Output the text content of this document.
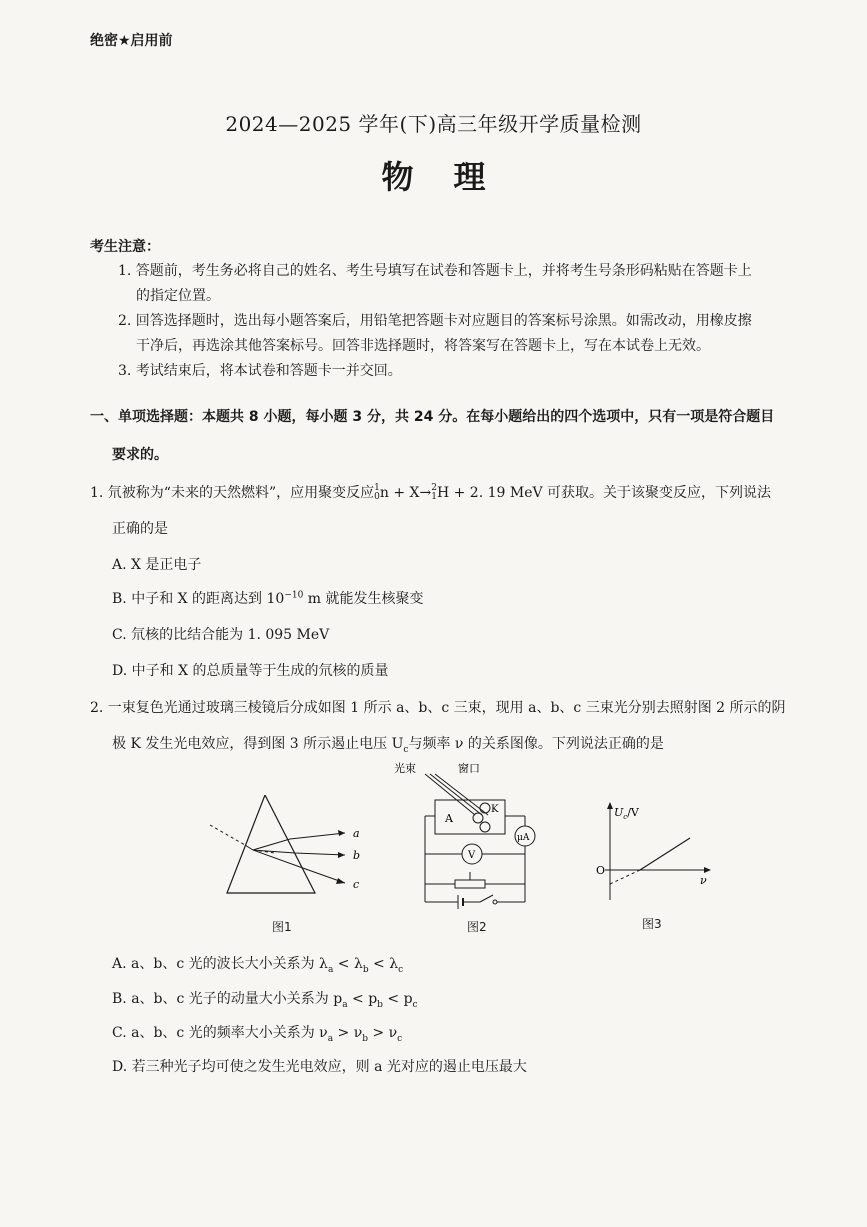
绝密★启用前
2024—2025 学年(下)高三年级开学质量检测
物理
考生注意：
1. 答题前，考生务必将自己的姓名、考生号填写在试卷和答题卡上，并将考生号条形码粘贴在答题卡上
的指定位置。
2. 回答选择题时，选出每小题答案后，用铅笔把答题卡对应题目的答案标号涂黑。如需改动，用橡皮擦
干净后，再选涂其他答案标号。回答非选择题时，将答案写在答题卡上，写在本试卷上无效。
3. 考试结束后，将本试卷和答题卡一并交回。
一、单项选择题：本题共 8 小题，每小题 3 分，共 24 分。在每小题给出的四个选项中，只有一项是符合题目
要求的。
1. 氘被称为“未来的天然燃料”，应用聚变反应1
0n + X→2
1H + 2. 19 MeV 可获取。关于该聚变反应，下列说法
正确的是
A. X 是正电子
B. 中子和 X 的距离达到 $10^{-10}$ m 就能发生核聚变
C. 氘核的比结合能为 1. 095 MeV
D. 中子和 X 的总质量等于生成的氘核的质量
2. 一束复色光通过玻璃三棱镜后分成如图 1 所示 a、b、c 三束，现用 a、b、c 三束光分别去照射图 2 所示的阴
极 K 发生光电效应，得到图 3 所示遏止电压 $U_c$与频率 ν 的关系图像。下列说法正确的是
a
b
c
图1
光束	窗口
A
K
μA
V
图2
$U_c/V$
O
ν
图3
A. a、b、c 光的波长大小关系为 $\lambda_a < \lambda_b < \lambda_c$
B. a、b、c 光子的动量大小关系为 $p_a < p_b < p_c$
C. a、b、c 光的频率大小关系为 $\nu_a > \nu_b > \nu_c$
D. 若三种光子均可使之发生光电效应，则 a 光对应的遏止电压最大
